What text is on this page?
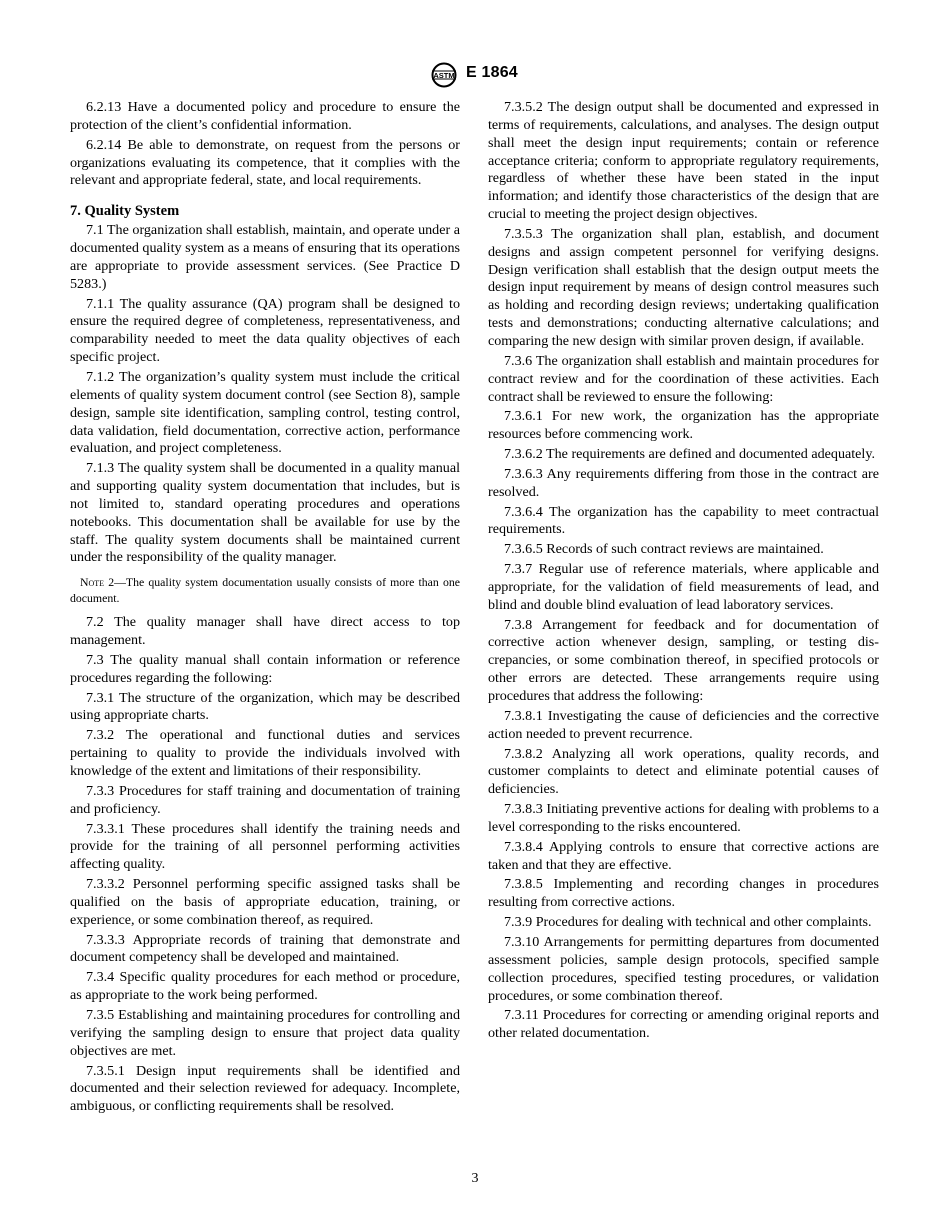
ASTM E 1864

6.2.13 Have a documented policy and procedure to ensure the protection of the client’s confidential information.

6.2.14 Be able to demonstrate, on request from the persons or organizations evaluating its competence, that it complies with the relevant and appropriate federal, state, and local requirements.

7. Quality System

7.1 The organization shall establish, maintain, and operate under a documented quality system as a means of ensuring that its operations are appropriate to provide assessment services. (See Practice D 5283.)

7.1.1 The quality assurance (QA) program shall be designed to ensure the required degree of completeness, representativeness, and comparability needed to meet the data quality objectives of each specific project.

7.1.2 The organization’s quality system must include the critical elements of quality system document control (see Section 8), sample design, sample site identification, sampling control, testing control, data validation, field documentation, corrective action, performance evaluation, and project completeness.

7.1.3 The quality system shall be documented in a quality manual and supporting quality system documentation that includes, but is not limited to, standard operating procedures and operations notebooks. This documentation shall be available for use by the staff. The quality system documents shall be maintained current under the responsibility of the quality manager.

Note 2—The quality system documentation usually consists of more than one document.

7.2 The quality manager shall have direct access to top management.

7.3 The quality manual shall contain information or reference procedures regarding the following:

7.3.1 The structure of the organization, which may be described using appropriate charts.

7.3.2 The operational and functional duties and services pertaining to quality to provide the individuals involved with knowledge of the extent and limitations of their responsibility.

7.3.3 Procedures for staff training and documentation of training and proficiency.

7.3.3.1 These procedures shall identify the training needs and provide for the training of all personnel performing activities affecting quality.

7.3.3.2 Personnel performing specific assigned tasks shall be qualified on the basis of appropriate education, training, or experience, or some combination thereof, as required.

7.3.3.3 Appropriate records of training that demonstrate and document competency shall be developed and maintained.

7.3.4 Specific quality procedures for each method or procedure, as appropriate to the work being performed.

7.3.5 Establishing and maintaining procedures for controlling and verifying the sampling design to ensure that project data quality objectives are met.

7.3.5.1 Design input requirements shall be identified and documented and their selection reviewed for adequacy. Incomplete, ambiguous, or conflicting requirements shall be resolved.

7.3.5.2 The design output shall be documented and expressed in terms of requirements, calculations, and analyses. The design output shall meet the design input requirements; contain or reference acceptance criteria; conform to appropriate regulatory requirements, regardless of whether these have been stated in the input information; and identify those characteristics of the design that are crucial to meeting the project design objectives.

7.3.5.3 The organization shall plan, establish, and document designs and assign competent personnel for verifying designs. Design verification shall establish that the design output meets the design input requirement by means of design control measures such as holding and recording design reviews; undertaking qualification tests and demonstrations; conducting alternative calculations; and comparing the new design with similar proven design, if available.

7.3.6 The organization shall establish and maintain procedures for contract review and for the coordination of these activities. Each contract shall be reviewed to ensure the following:

7.3.6.1 For new work, the organization has the appropriate resources before commencing work.

7.3.6.2 The requirements are defined and documented adequately.

7.3.6.3 Any requirements differing from those in the contract are resolved.

7.3.6.4 The organization has the capability to meet contractual requirements.

7.3.6.5 Records of such contract reviews are maintained.

7.3.7 Regular use of reference materials, where applicable and appropriate, for the validation of field measurements of lead, and blind and double blind evaluation of lead laboratory services.

7.3.8 Arrangement for feedback and for documentation of corrective action whenever design, sampling, or testing discrepancies, or some combination thereof, in specified protocols or other errors are detected. These arrangements require using procedures that address the following:

7.3.8.1 Investigating the cause of deficiencies and the corrective action needed to prevent recurrence.

7.3.8.2 Analyzing all work operations, quality records, and customer complaints to detect and eliminate potential causes of deficiencies.

7.3.8.3 Initiating preventive actions for dealing with problems to a level corresponding to the risks encountered.

7.3.8.4 Applying controls to ensure that corrective actions are taken and that they are effective.

7.3.8.5 Implementing and recording changes in procedures resulting from corrective actions.

7.3.9 Procedures for dealing with technical and other complaints.

7.3.10 Arrangements for permitting departures from documented assessment policies, sample design protocols, specified sample collection procedures, specified testing procedures, or validation procedures, or some combination thereof.

7.3.11 Procedures for correcting or amending original reports and other related documentation.

3
